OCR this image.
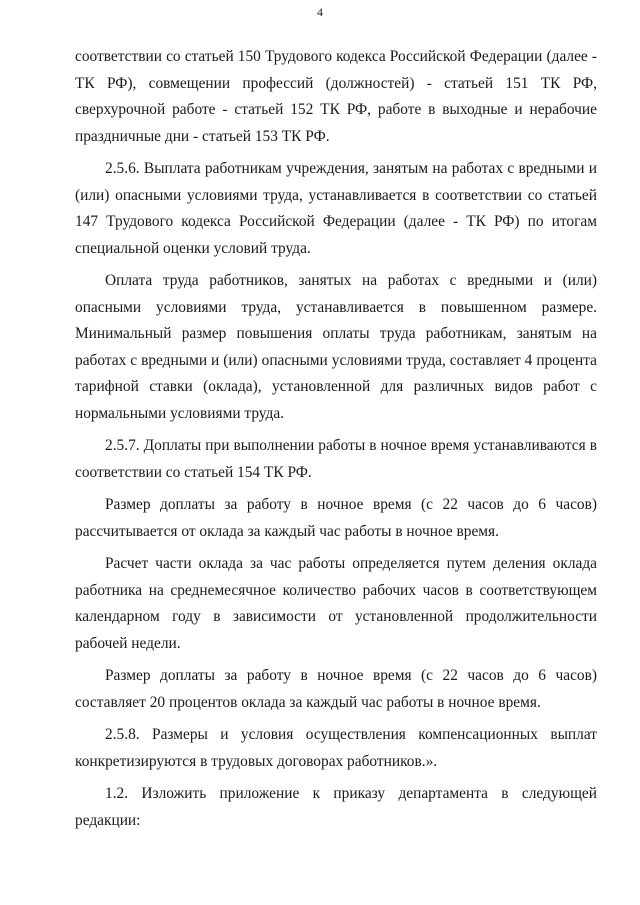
4

соответствии со статьей 150 Трудового кодекса Российской Федерации (далее - ТК РФ), совмещении профессий (должностей) - статьей 151 ТК РФ, сверхурочной работе - статьей 152 ТК РФ, работе в выходные и нерабочие праздничные дни - статьей 153 ТК РФ.

2.5.6. Выплата работникам учреждения, занятым на работах с вредными и (или) опасными условиями труда, устанавливается в соответствии со статьей 147 Трудового кодекса Российской Федерации (далее - ТК РФ) по итогам специальной оценки условий труда.

Оплата труда работников, занятых на работах с вредными и (или) опасными условиями труда, устанавливается в повышенном размере. Минимальный размер повышения оплаты труда работникам, занятым на работах с вредными и (или) опасными условиями труда, составляет 4 процента тарифной ставки (оклада), установленной для различных видов работ с нормальными условиями труда.

2.5.7. Доплаты при выполнении работы в ночное время устанавливаются в соответствии со статьей 154 ТК РФ.

Размер доплаты за работу в ночное время (с 22 часов до 6 часов) рассчитывается от оклада за каждый час работы в ночное время.

Расчет части оклада за час работы определяется путем деления оклада работника на среднемесячное количество рабочих часов в соответствующем календарном году в зависимости от установленной продолжительности рабочей недели.

Размер доплаты за работу в ночное время (с 22 часов до 6 часов) составляет 20 процентов оклада за каждый час работы в ночное время.

2.5.8. Размеры и условия осуществления компенсационных выплат конкретизируются в трудовых договорах работников.».

1.2. Изложить приложение к приказу департамента в следующей редакции:
